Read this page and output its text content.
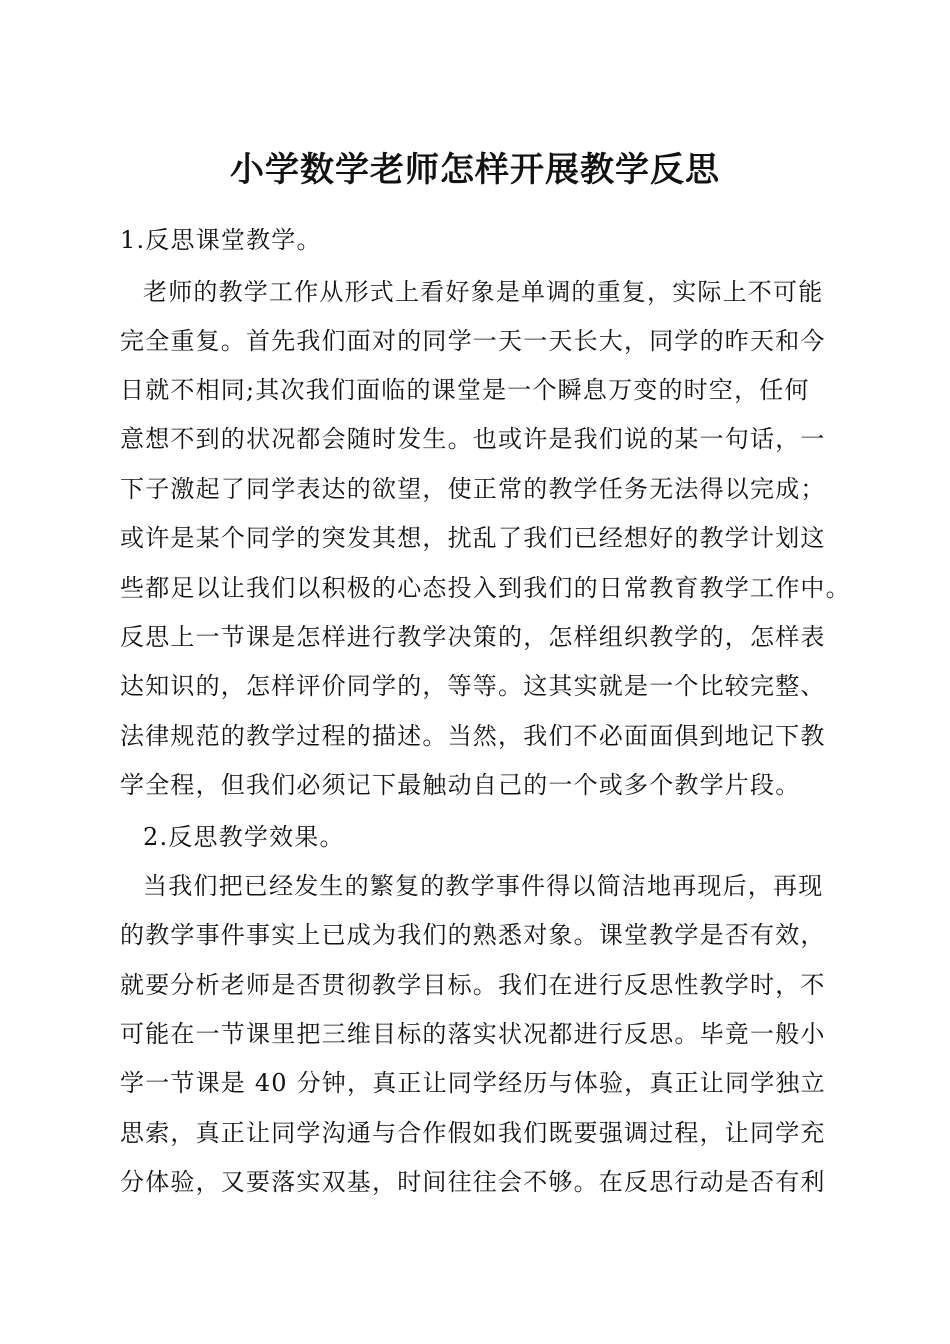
小学数学老师怎样开展教学反思
1.反思课堂教学。
老师的教学工作从形式上看好象是单调的重复，实际上不可能
完全重复。首先我们面对的同学一天一天长大，同学的昨天和今
日就不相同;其次我们面临的课堂是一个瞬息万变的时空，任何
意想不到的状况都会随时发生。也或许是我们说的某一句话，一
下子激起了同学表达的欲望，使正常的教学任务无法得以完成；
或许是某个同学的突发其想，扰乱了我们已经想好的教学计划这
些都足以让我们以积极的心态投入到我们的日常教育教学工作中。
反思上一节课是怎样进行教学决策的，怎样组织教学的，怎样表
达知识的，怎样评价同学的，等等。这其实就是一个比较完整、
法律规范的教学过程的描述。当然，我们不必面面俱到地记下教
学全程，但我们必须记下最触动自己的一个或多个教学片段。
2.反思教学效果。
当我们把已经发生的繁复的教学事件得以简洁地再现后，再现
的教学事件事实上已成为我们的熟悉对象。课堂教学是否有效，
就要分析老师是否贯彻教学目标。我们在进行反思性教学时，不
可能在一节课里把三维目标的落实状况都进行反思。毕竟一般小
学一节课是 40 分钟，真正让同学经历与体验，真正让同学独立
思索，真正让同学沟通与合作假如我们既要强调过程，让同学充
分体验，又要落实双基，时间往往会不够。在反思行动是否有利
